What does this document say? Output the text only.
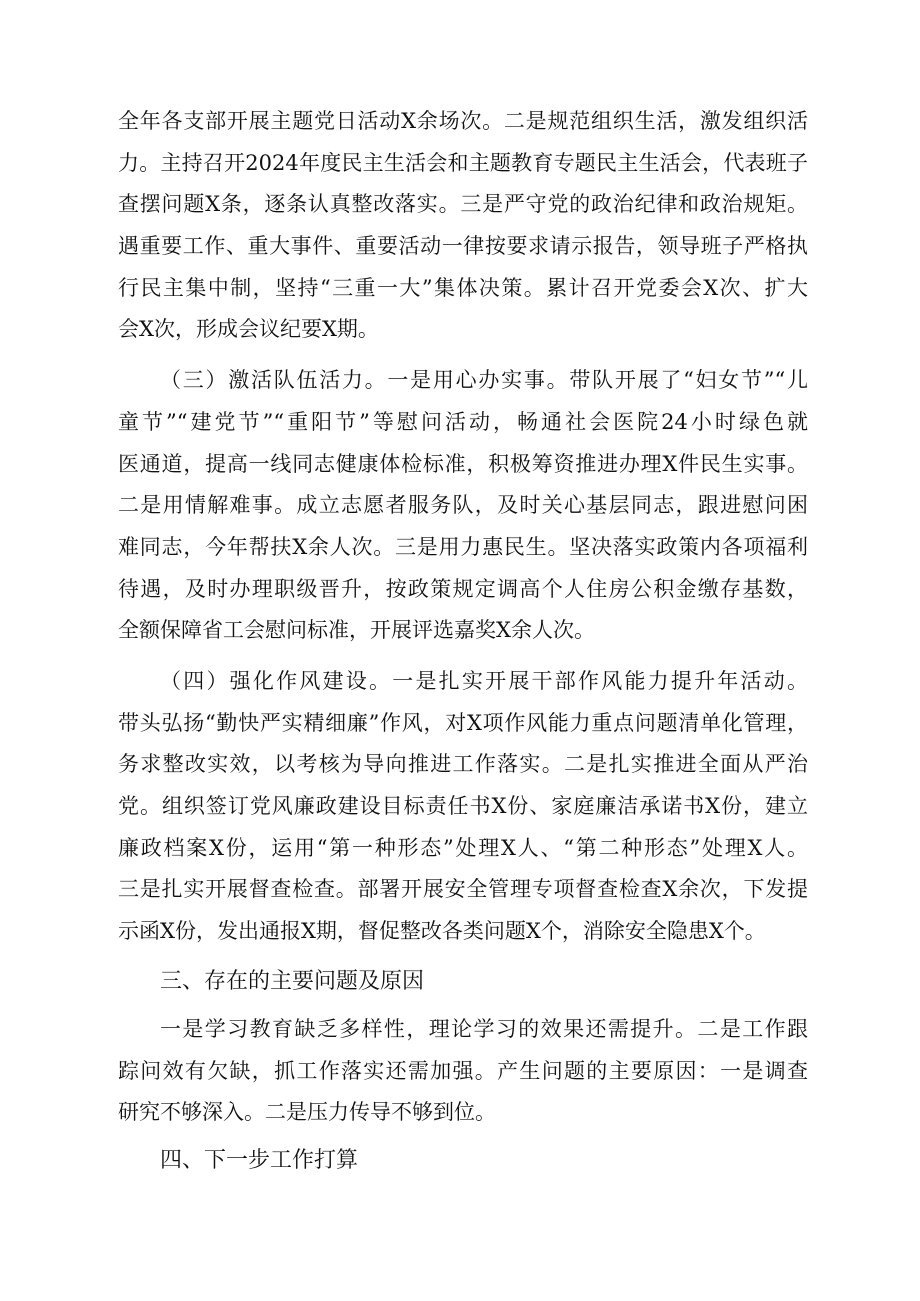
全年各支部开展主题党日活动X余场次。二是规范组织生活，激发组织活
力。主持召开2024年度民主生活会和主题教育专题民主生活会，代表班子
查摆问题X条，逐条认真整改落实。三是严守党的政治纪律和政治规矩。
遇重要工作、重大事件、重要活动一律按要求请示报告，领导班子严格执
行民主集中制，坚持“三重一大”集体决策。累计召开党委会X次、扩大
会X次，形成会议纪要X期。
（三）激活队伍活力。一是用心办实事。带队开展了“妇女节”“儿
童节”“建党节”“重阳节”等慰问活动，畅通社会医院24小时绿色就
医通道，提高一线同志健康体检标准，积极筹资推进办理X件民生实事。
二是用情解难事。成立志愿者服务队，及时关心基层同志，跟进慰问困
难同志，今年帮扶X余人次。三是用力惠民生。坚决落实政策内各项福利
待遇，及时办理职级晋升，按政策规定调高个人住房公积金缴存基数，
全额保障省工会慰问标准，开展评选嘉奖X余人次。
（四）强化作风建设。一是扎实开展干部作风能力提升年活动。
带头弘扬“勤快严实精细廉”作风，对X项作风能力重点问题清单化管理，
务求整改实效，以考核为导向推进工作落实。二是扎实推进全面从严治
党。组织签订党风廉政建设目标责任书X份、家庭廉洁承诺书X份，建立
廉政档案X份，运用“第一种形态”处理X人、“第二种形态”处理X人。
三是扎实开展督查检查。部署开展安全管理专项督查检查X余次，下发提
示函X份，发出通报X期，督促整改各类问题X个，消除安全隐患X个。
三、存在的主要问题及原因
一是学习教育缺乏多样性，理论学习的效果还需提升。二是工作跟
踪问效有欠缺，抓工作落实还需加强。产生问题的主要原因：一是调查
研究不够深入。二是压力传导不够到位。
四、下一步工作打算
